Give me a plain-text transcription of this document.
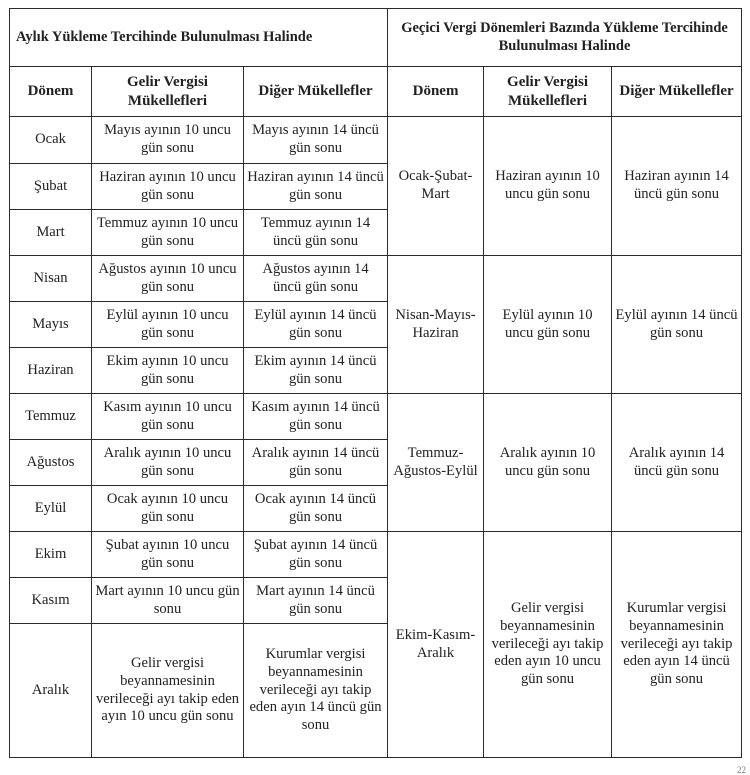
Aylık Yükleme Tercihinde Bulunulması Halinde			Geçici Vergi Dönemleri Bazında Yükleme Tercihinde Bulunulması Halinde		
Dönem	Gelir Vergisi Mükellefleri	Diğer Mükellefler	Dönem	Gelir Vergisi Mükellefleri	Diğer Mükellefler
Ocak	Mayıs ayının 10 uncu gün sonu	Mayıs ayının 14 üncü gün sonu	Ocak-Şubat-Mart	Haziran ayının 10 uncu gün sonu	Haziran ayının 14 üncü gün sonu
Şubat	Haziran ayının 10 uncu gün sonu	Haziran ayının 14 üncü gün sonu			
Mart	Temmuz ayının 10 uncu gün sonu	Temmuz ayının 14 üncü gün sonu			
Nisan	Ağustos ayının 10 uncu gün sonu	Ağustos ayının 14 üncü gün sonu	Nisan-Mayıs-Haziran	Eylül ayının 10 uncu gün sonu	Eylül ayının 14 üncü gün sonu
Mayıs	Eylül ayının 10 uncu gün sonu	Eylül ayının 14 üncü gün sonu			
Haziran	Ekim ayının 10 uncu gün sonu	Ekim ayının 14 üncü gün sonu			
Temmuz	Kasım ayının 10 uncu gün sonu	Kasım ayının 14 üncü gün sonu	Temmuz-Ağustos-Eylül	Aralık ayının 10 uncu gün sonu	Aralık ayının 14 üncü gün sonu
Ağustos	Aralık ayının 10 uncu gün sonu	Aralık ayının 14 üncü gün sonu			
Eylül	Ocak ayının 10 uncu gün sonu	Ocak ayının 14 üncü gün sonu			
Ekim	Şubat ayının 10 uncu gün sonu	Şubat ayının 14 üncü gün sonu	Ekim-Kasım-Aralık	Gelir vergisi beyannamesinin verileceği ayı takip eden ayın 10 uncu gün sonu	Kurumlar vergisi beyannamesinin verileceği ayı takip eden ayın 14 üncü gün sonu
Kasım	Mart ayının 10 uncu gün sonu	Mart ayının 14 üncü gün sonu			
Aralık	Gelir vergisi beyannamesinin verileceği ayı takip eden ayın 10 uncu gün sonu	Kurumlar vergisi beyannamesinin verileceği ayı takip eden ayın 14 üncü gün sonu			
22
